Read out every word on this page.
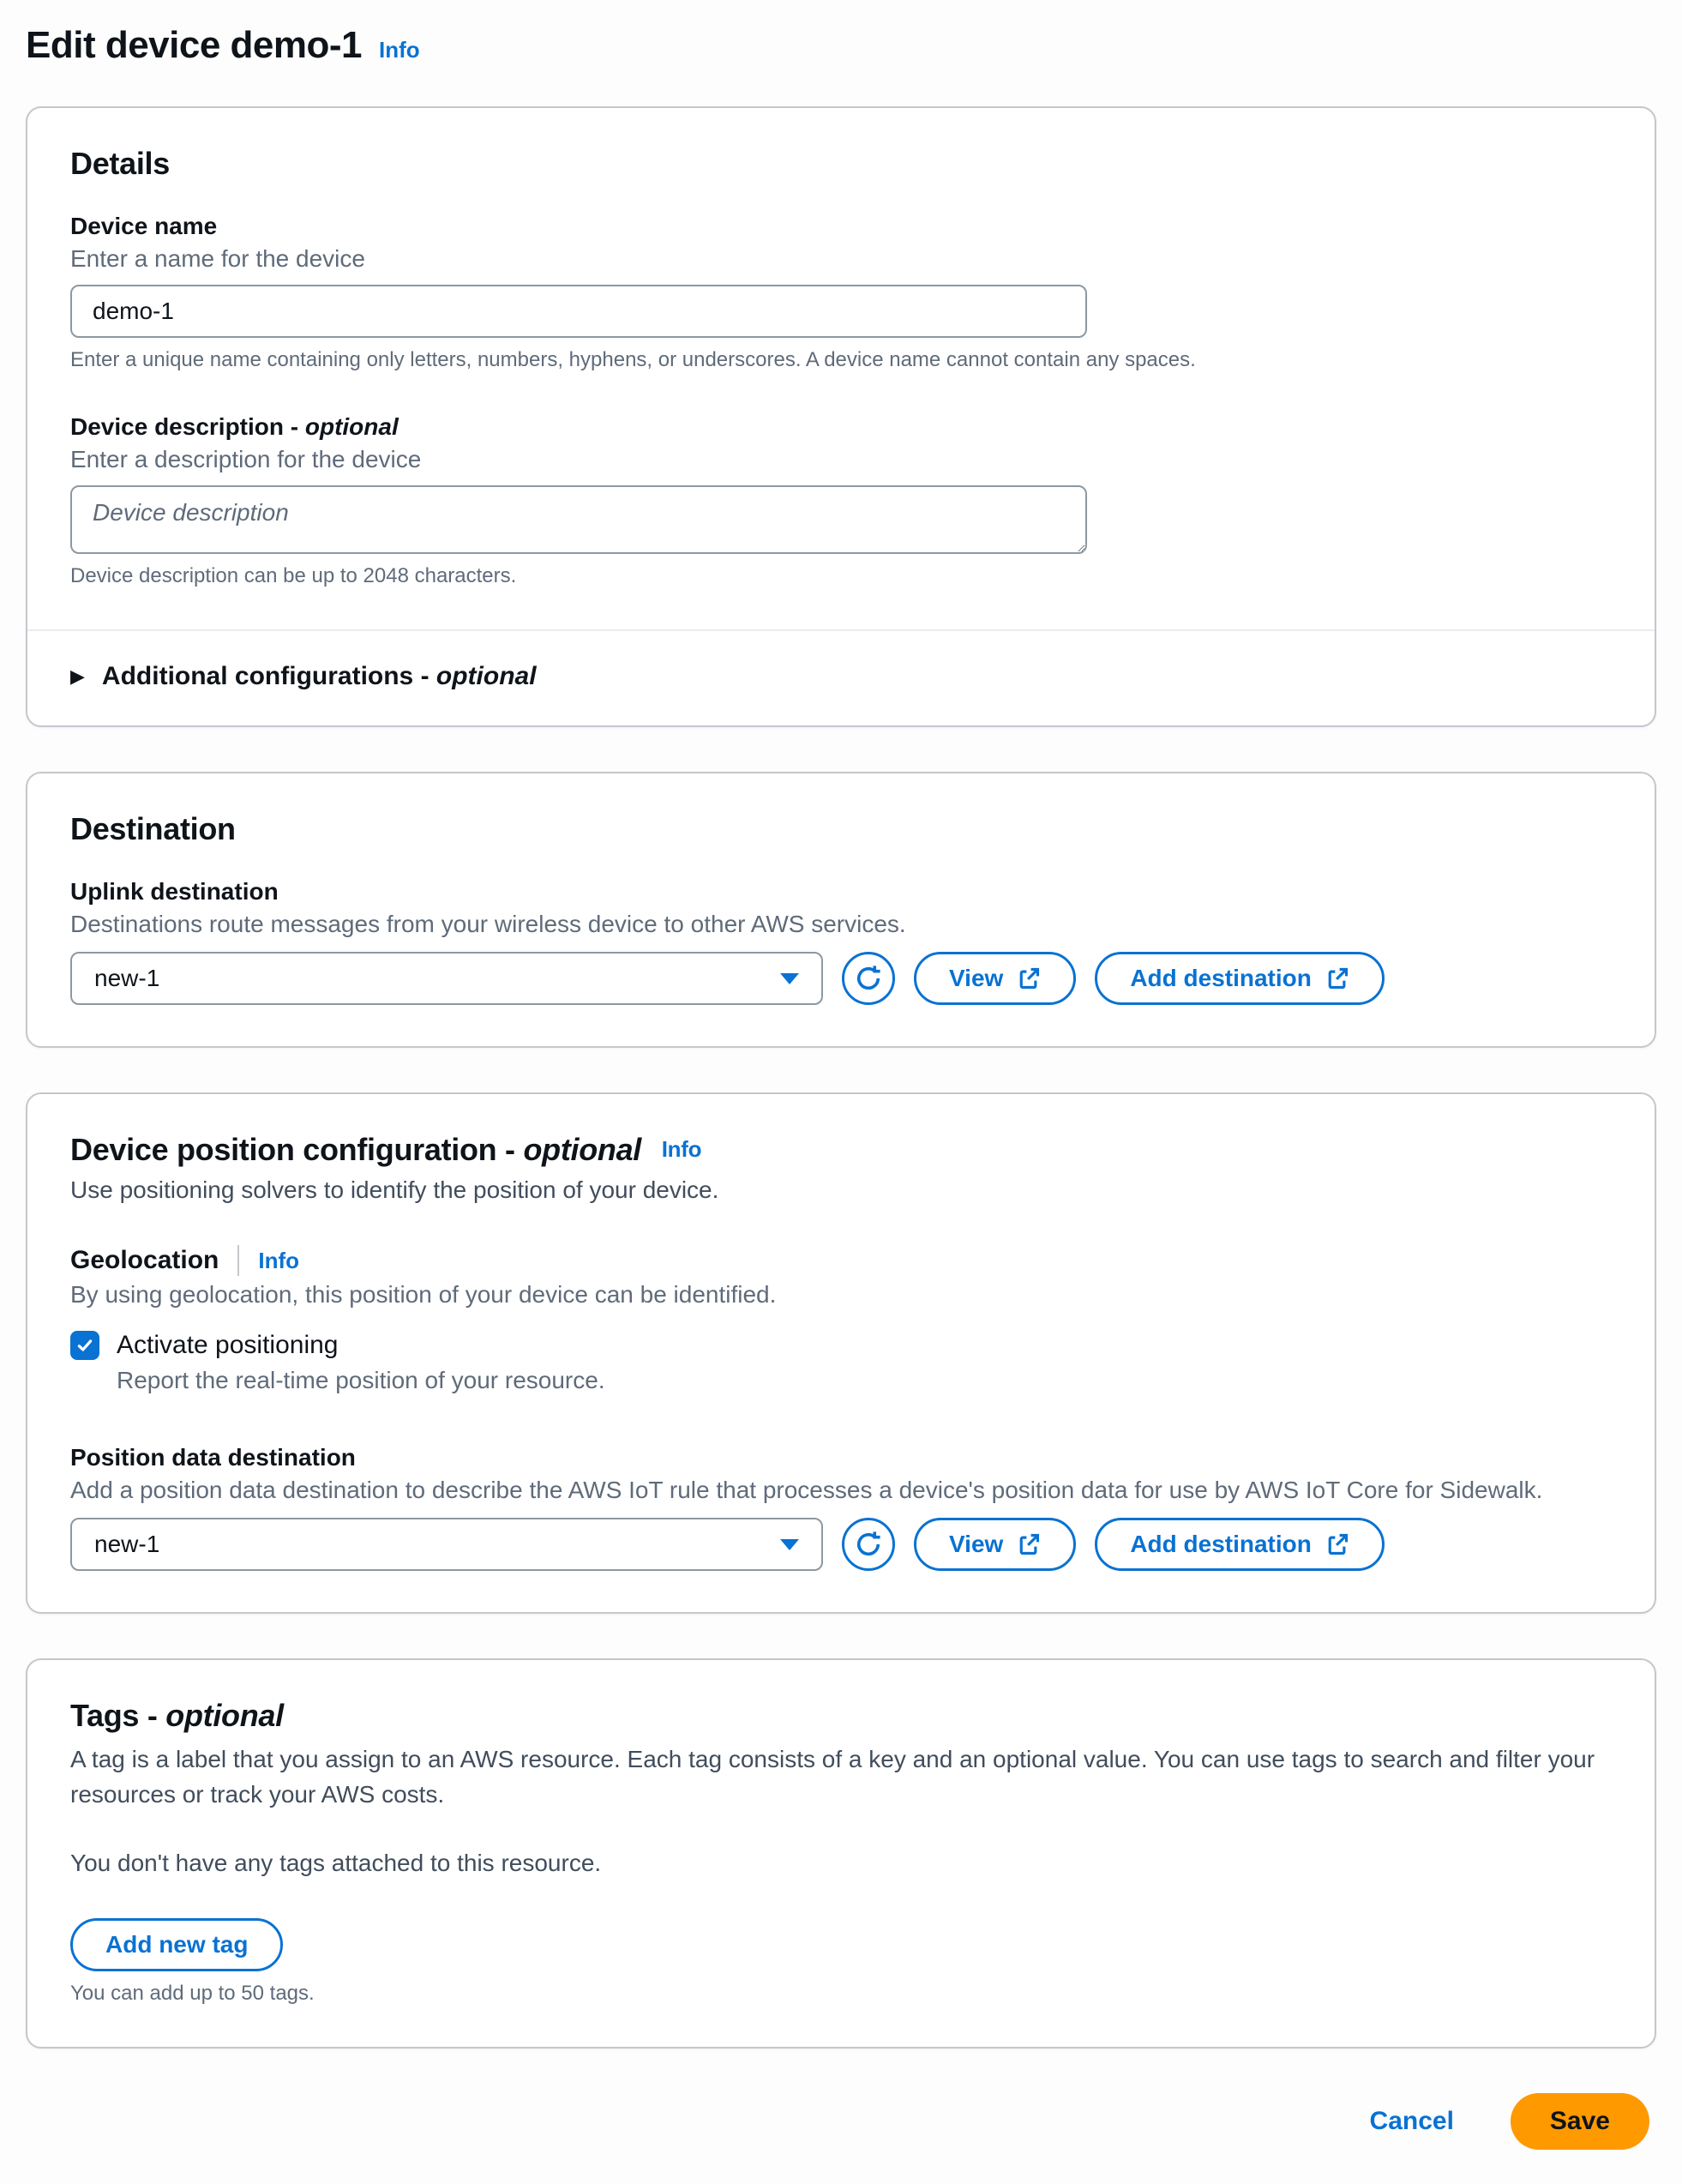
Edit device demo-1 Info
Details
Device name
Enter a name for the device
demo-1
Enter a unique name containing only letters, numbers, hyphens, or underscores. A device name cannot contain any spaces.
Device description - optional
Enter a description for the device
Device description
Device description can be up to 2048 characters.
▶ Additional configurations - optional
Destination
Uplink destination
Destinations route messages from your wireless device to other AWS services.
new-1	View	Add destination
Device position configuration - optional Info
Use positioning solvers to identify the position of your device.
Geolocation Info
By using geolocation, this position of your device can be identified.
Activate positioning
Report the real-time position of your resource.
Position data destination
Add a position data destination to describe the AWS IoT rule that processes a device's position data for use by AWS IoT Core for Sidewalk.
new-1	View	Add destination
Tags - optional

A tag is a label that you assign to an AWS resource. Each tag consists of a key and an optional value. You can use tags to search and filter your resources or track your AWS costs.

You don't have any tags attached to this resource.

Add new tag
You can add up to 50 tags.
Cancel	Save
